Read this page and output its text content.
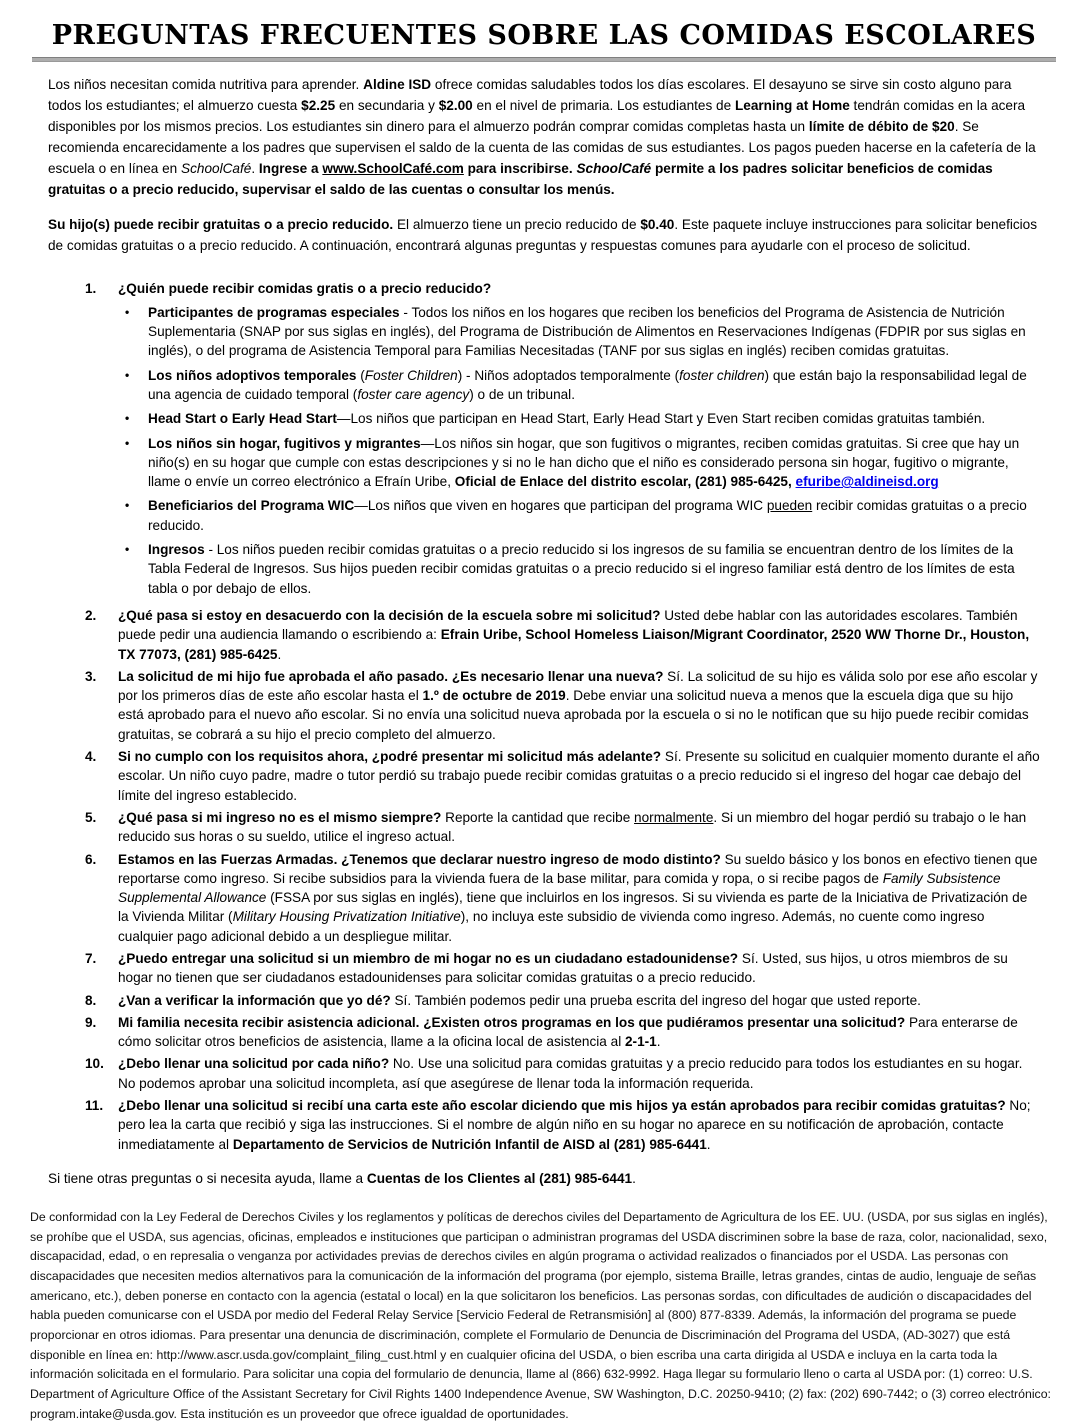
PREGUNTAS FRECUENTES SOBRE LAS COMIDAS ESCOLARES

Los niños necesitan comida nutritiva para aprender. Aldine ISD ofrece comidas saludables todos los días escolares. El desayuno se sirve sin costo alguno para todos los estudiantes; el almuerzo cuesta $2.25 en secundaria y $2.00 en el nivel de primaria. Los estudiantes de Learning at Home tendrán comidas en la acera disponibles por los mismos precios. Los estudiantes sin dinero para el almuerzo podrán comprar comidas completas hasta un límite de débito de $20. Se recomienda encarecidamente a los padres que supervisen el saldo de la cuenta de las comidas de sus estudiantes. Los pagos pueden hacerse en la cafetería de la escuela o en línea en SchoolCafé. Ingrese a www.SchoolCafé.com para inscribirse. SchoolCafé permite a los padres solicitar beneficios de comidas gratuitas o a precio reducido, supervisar el saldo de las cuentas o consultar los menús.

Su hijo(s) puede recibir gratuitas o a precio reducido. El almuerzo tiene un precio reducido de $0.40. Este paquete incluye instrucciones para solicitar beneficios de comidas gratuitas o a precio reducido. A continuación, encontrará algunas preguntas y respuestas comunes para ayudarle con el proceso de solicitud.

1.	¿Quién puede recibir comidas gratis o a precio reducido?
•	Participantes de programas especiales - Todos los niños en los hogares que reciben los beneficios del Programa de Asistencia de Nutrición Suplementaria (SNAP por sus siglas en inglés), del Programa de Distribución de Alimentos en Reservaciones Indígenas (FDPIR por sus siglas en inglés), o del programa de Asistencia Temporal para Familias Necesitadas (TANF por sus siglas en inglés) reciben comidas gratuitas.
•	Los niños adoptivos temporales (Foster Children) - Niños adoptados temporalmente (foster children) que están bajo la responsabilidad legal de una agencia de cuidado temporal (foster care agency) o de un tribunal.
•	Head Start o Early Head Start—Los niños que participan en Head Start, Early Head Start y Even Start reciben comidas gratuitas también.
•	Los niños sin hogar, fugitivos y migrantes—Los niños sin hogar, que son fugitivos o migrantes, reciben comidas gratuitas. Si cree que hay un niño(s) en su hogar que cumple con estas descripciones y si no le han dicho que el niño es considerado persona sin hogar, fugitivo o migrante, llame o envíe un correo electrónico a Efraín Uribe, Oficial de Enlace del distrito escolar, (281) 985-6425, efuribe@aldineisd.org
•	Beneficiarios del Programa WIC—Los niños que viven en hogares que participan del programa WIC pueden recibir comidas gratuitas o a precio reducido.
•	Ingresos - Los niños pueden recibir comidas gratuitas o a precio reducido si los ingresos de su familia se encuentran dentro de los límites de la Tabla Federal de Ingresos. Sus hijos pueden recibir comidas gratuitas o a precio reducido si el ingreso familiar está dentro de los límites de esta tabla o por debajo de ellos.
2.	¿Qué pasa si estoy en desacuerdo con la decisión de la escuela sobre mi solicitud? Usted debe hablar con las autoridades escolares. También puede pedir una audiencia llamando o escribiendo a: Efrain Uribe, School Homeless Liaison/Migrant Coordinator, 2520 WW Thorne Dr., Houston, TX 77073, (281) 985-6425.
3.	La solicitud de mi hijo fue aprobada el año pasado. ¿Es necesario llenar una nueva? Sí. La solicitud de su hijo es válida solo por ese año escolar y por los primeros días de este año escolar hasta el 1.º de octubre de 2019. Debe enviar una solicitud nueva a menos que la escuela diga que su hijo está aprobado para el nuevo año escolar. Si no envía una solicitud nueva aprobada por la escuela o si no le notifican que su hijo puede recibir comidas gratuitas, se cobrará a su hijo el precio completo del almuerzo.
4.	Si no cumplo con los requisitos ahora, ¿podré presentar mi solicitud más adelante? Sí. Presente su solicitud en cualquier momento durante el año escolar. Un niño cuyo padre, madre o tutor perdió su trabajo puede recibir comidas gratuitas o a precio reducido si el ingreso del hogar cae debajo del límite del ingreso establecido.
5.	¿Qué pasa si mi ingreso no es el mismo siempre? Reporte la cantidad que recibe normalmente. Si un miembro del hogar perdió su trabajo o le han reducido sus horas o su sueldo, utilice el ingreso actual.
6.	Estamos en las Fuerzas Armadas. ¿Tenemos que declarar nuestro ingreso de modo distinto? Su sueldo básico y los bonos en efectivo tienen que reportarse como ingreso. Si recibe subsidios para la vivienda fuera de la base militar, para comida y ropa, o si recibe pagos de Family Subsistence Supplemental Allowance (FSSA por sus siglas en inglés), tiene que incluirlos en los ingresos. Si su vivienda es parte de la Iniciativa de Privatización de la Vivienda Militar (Military Housing Privatization Initiative), no incluya este subsidio de vivienda como ingreso. Además, no cuente como ingreso cualquier pago adicional debido a un despliegue militar.
7.	¿Puedo entregar una solicitud si un miembro de mi hogar no es un ciudadano estadounidense? Sí. Usted, sus hijos, u otros miembros de su hogar no tienen que ser ciudadanos estadounidenses para solicitar comidas gratuitas o a precio reducido.
8.	¿Van a verificar la información que yo dé? Sí. También podemos pedir una prueba escrita del ingreso del hogar que usted reporte.
9.	Mi familia necesita recibir asistencia adicional. ¿Existen otros programas en los que pudiéramos presentar una solicitud? Para enterarse de cómo solicitar otros beneficios de asistencia, llame a la oficina local de asistencia al 2-1-1.
10.	¿Debo llenar una solicitud por cada niño? No. Use una solicitud para comidas gratuitas y a precio reducido para todos los estudiantes en su hogar. No podemos aprobar una solicitud incompleta, así que asegúrese de llenar toda la información requerida.
11.	¿Debo llenar una solicitud si recibí una carta este año escolar diciendo que mis hijos ya están aprobados para recibir comidas gratuitas? No; pero lea la carta que recibió y siga las instrucciones. Si el nombre de algún niño en su hogar no aparece en su notificación de aprobación, contacte inmediatamente al Departamento de Servicios de Nutrición Infantil de AISD al (281) 985-6441.

Si tiene otras preguntas o si necesita ayuda, llame a Cuentas de los Clientes al (281) 985-6441.

De conformidad con la Ley Federal de Derechos Civiles y los reglamentos y políticas de derechos civiles del Departamento de Agricultura de los EE. UU. (USDA, por sus siglas en inglés), se prohíbe que el USDA, sus agencias, oficinas, empleados e instituciones que participan o administran programas del USDA discriminen sobre la base de raza, color, nacionalidad, sexo, discapacidad, edad, o en represalia o venganza por actividades previas de derechos civiles en algún programa o actividad realizados o financiados por el USDA. Las personas con discapacidades que necesiten medios alternativos para la comunicación de la información del programa (por ejemplo, sistema Braille, letras grandes, cintas de audio, lenguaje de señas americano, etc.), deben ponerse en contacto con la agencia (estatal o local) en la que solicitaron los beneficios. Las personas sordas, con dificultades de audición o discapacidades del habla pueden comunicarse con el USDA por medio del Federal Relay Service [Servicio Federal de Retransmisión] al (800) 877-8339. Además, la información del programa se puede proporcionar en otros idiomas. Para presentar una denuncia de discriminación, complete el Formulario de Denuncia de Discriminación del Programa del USDA, (AD-3027) que está disponible en línea en: http://www.ascr.usda.gov/complaint_filing_cust.html y en cualquier oficina del USDA, o bien escriba una carta dirigida al USDA e incluya en la carta toda la información solicitada en el formulario. Para solicitar una copia del formulario de denuncia, llame al (866) 632-9992. Haga llegar su formulario lleno o carta al USDA por: (1) correo: U.S. Department of Agriculture Office of the Assistant Secretary for Civil Rights 1400 Independence Avenue, SW Washington, D.C. 20250-9410; (2) fax: (202) 690-7442; o (3) correo electrónico: program.intake@usda.gov. Esta institución es un proveedor que ofrece igualdad de oportunidades.
